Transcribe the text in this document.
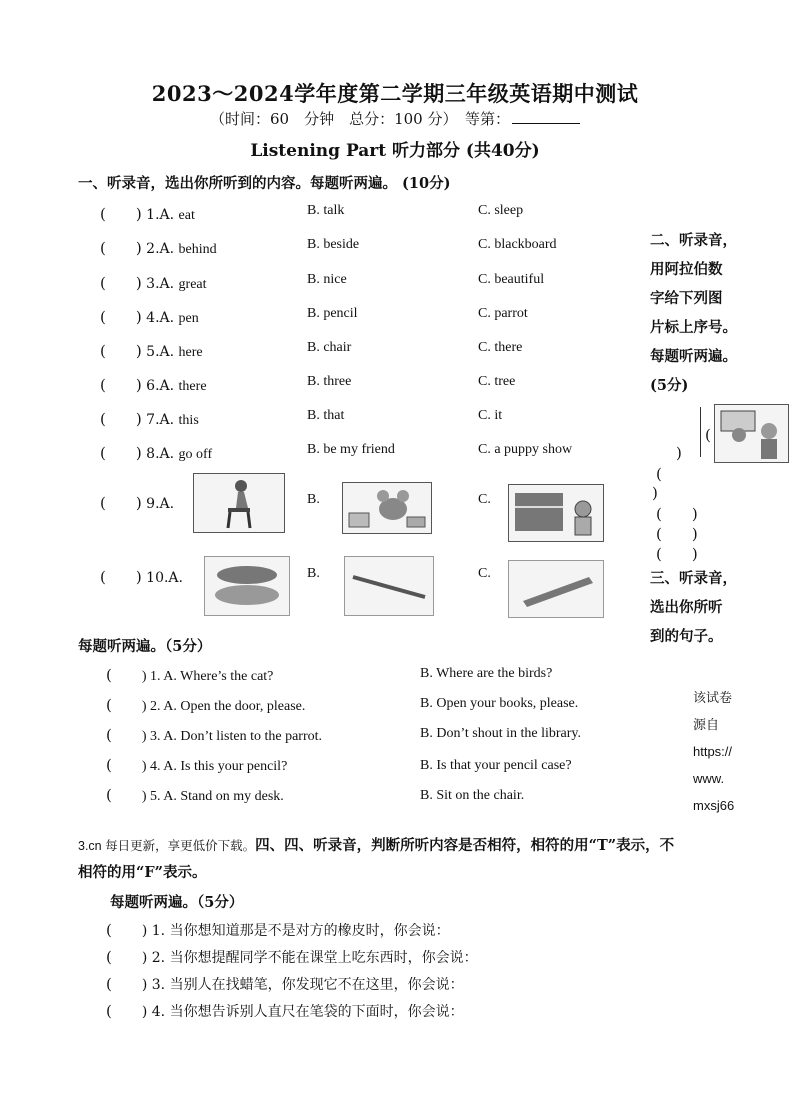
2023～2024学年度第二学期三年级英语期中测试
（时间：60　分钟　总分：100 分）　等第：
Listening Part 听力部分 (共40分)
一、听录音，选出你所听到的内容。每题听两遍。 (10分)
(　　) 1.A. eat	B. talk	C. sleep
(　　) 2.A. behind	B. beside	C. blackboard
(　　) 3.A. great	B. nice	C. beautiful
(　　) 4.A. pen	B. pencil	C. parrot
(　　) 5.A. here	B. chair	C. there
(　　) 6.A. there	B. three	C. tree
(　　) 7.A. this	B. that	C. it
(　　) 8.A. go off	B. be my friend	C. a puppy show
(　　) 9.A.	B.	C.
(　　) 10.A.	B.	C.
二、听录音，
用阿拉伯数
字给下列图
片标上序号。
每题听两遍。
(5分)
(
)
(
)
(　　)
(　　)
(　　)
三、听录音，
选出你所听
到的句子。
每题听两遍。（5分）
(　　) 1. A. Where’s the cat?	B. Where are the birds?
(　　) 2. A. Open the door, please.	B. Open your books, please.
(　　) 3. A. Don’t listen to the parrot.	B. Don’t shout in the library.
(　　) 4. A. Is this your pencil?	B. Is that your pencil case?
(　　) 5. A. Stand on my desk.	B. Sit on the chair.
该试卷
源自
https://
www.
mxsj66
3.cn 每日更新，享更低价下载。四、四、听录音，判断所听内容是否相符，相符的用“T”表示，不
相符的用“F”表示。
每题听两遍。（5分）
(　　) 1. 当你想知道那是不是对方的橡皮时，你会说：
(　　) 2. 当你想提醒同学不能在课堂上吃东西时，你会说：
(　　) 3. 当别人在找蜡笔，你发现它不在这里，你会说：
(　　) 4. 当你想告诉别人直尺在笔袋的下面时，你会说：
